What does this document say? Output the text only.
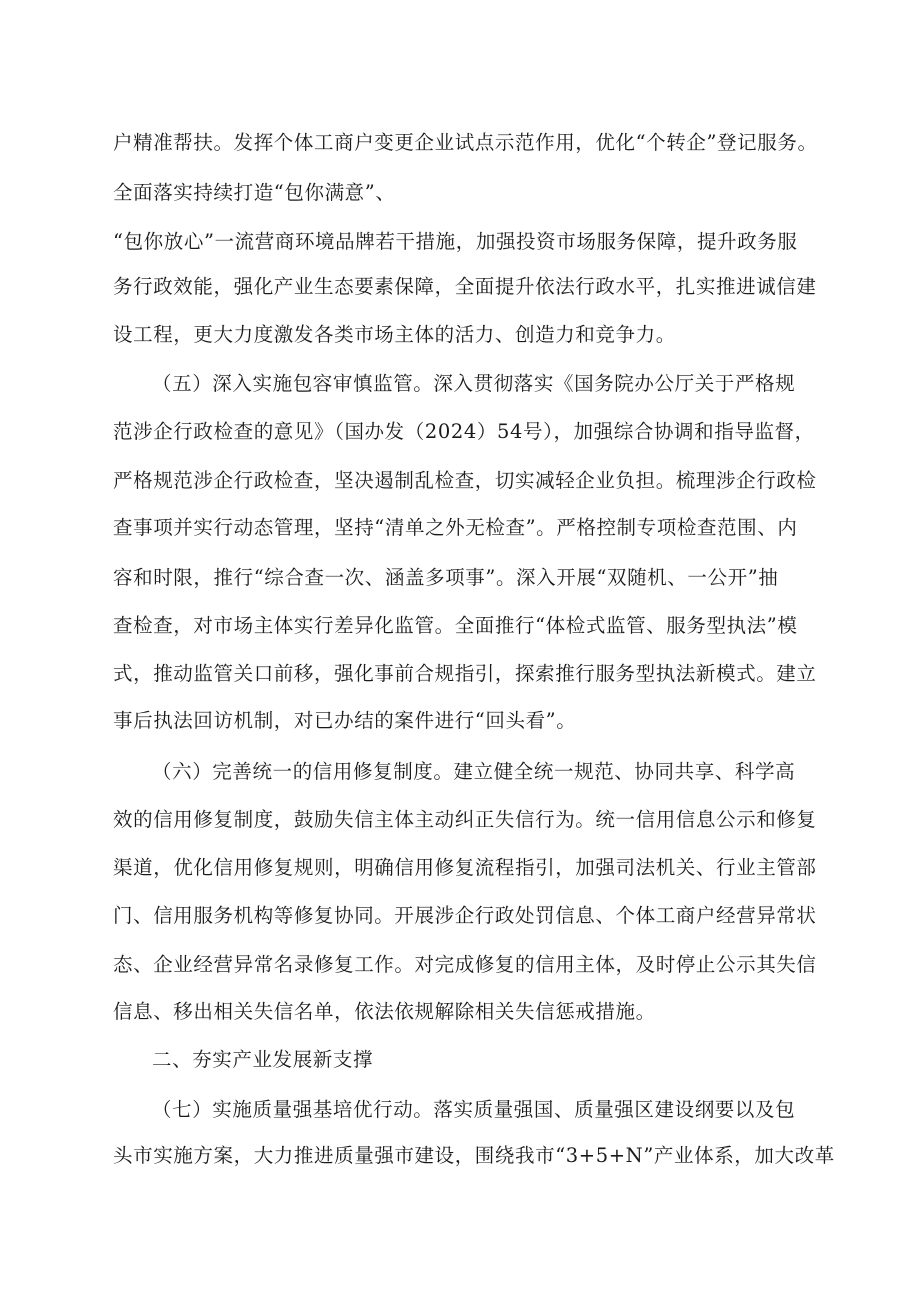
户精准帮扶。发挥个体工商户变更企业试点示范作用，优化“个转企”登记服务。
全面落实持续打造“包你满意”、
“包你放心”一流营商环境品牌若干措施，加强投资市场服务保障，提升政务服
务行政效能，强化产业生态要素保障，全面提升依法行政水平，扎实推进诚信建
设工程，更大力度激发各类市场主体的活力、创造力和竞争力。
（五）深入实施包容审慎监管。深入贯彻落实《国务院办公厅关于严格规
范涉企行政检查的意见》（国办发（2024）54号），加强综合协调和指导监督，
严格规范涉企行政检查，坚决遏制乱检查，切实减轻企业负担。梳理涉企行政检
查事项并实行动态管理，坚持“清单之外无检查”。严格控制专项检查范围、内
容和时限，推行“综合查一次、涵盖多项事”。深入开展“双随机、一公开”抽
查检查，对市场主体实行差异化监管。全面推行“体检式监管、服务型执法”模
式，推动监管关口前移，强化事前合规指引，探索推行服务型执法新模式。建立
事后执法回访机制，对已办结的案件进行“回头看”。
（六）完善统一的信用修复制度。建立健全统一规范、协同共享、科学高
效的信用修复制度，鼓励失信主体主动纠正失信行为。统一信用信息公示和修复
渠道，优化信用修复规则，明确信用修复流程指引，加强司法机关、行业主管部
门、信用服务机构等修复协同。开展涉企行政处罚信息、个体工商户经营异常状
态、企业经营异常名录修复工作。对完成修复的信用主体，及时停止公示其失信
信息、移出相关失信名单，依法依规解除相关失信惩戒措施。
二、夯实产业发展新支撑
（七）实施质量强基培优行动。落实质量强国、质量强区建设纲要以及包
头市实施方案，大力推进质量强市建设，围绕我市“3+5+N”产业体系，加大改革
